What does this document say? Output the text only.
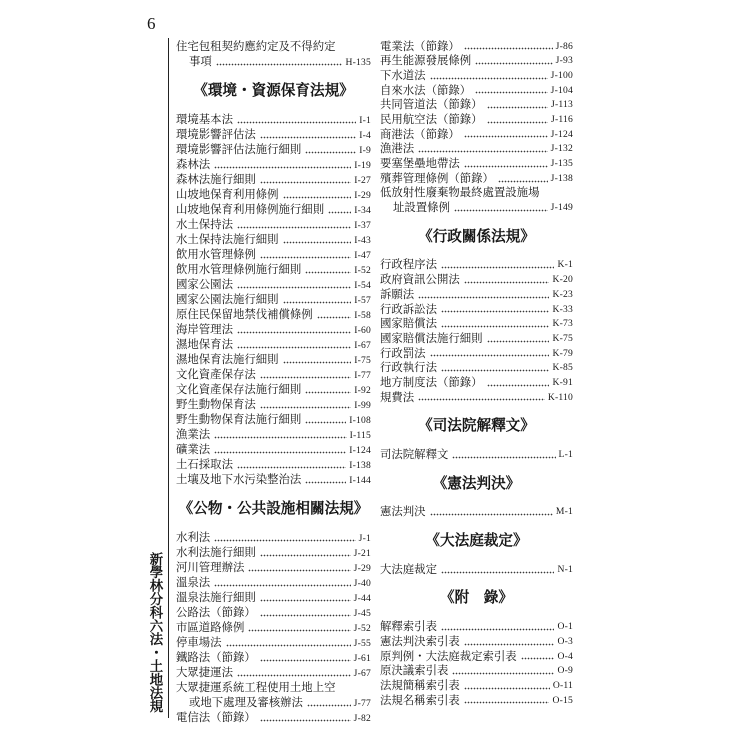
6
新學林分科六法・土地法規
住宅包租契約應約定及不得約定
事項	H-135
《環境・資源保育法規》
環境基本法	I-1
環境影響評估法	I-4
環境影響評估法施行細則	I-9
森林法	I-19
森林法施行細則	I-27
山坡地保育利用條例	I-29
山坡地保育利用條例施行細則	I-34
水土保持法	I-37
水土保持法施行細則	I-43
飲用水管理條例	I-47
飲用水管理條例施行細則	I-52
國家公園法	I-54
國家公園法施行細則	I-57
原住民保留地禁伐補償條例	I-58
海岸管理法	I-60
濕地保育法	I-67
濕地保育法施行細則	I-75
文化資產保存法	I-77
文化資產保存法施行細則	I-92
野生動物保育法	I-99
野生動物保育法施行細則	I-108
漁業法	I-115
礦業法	I-124
土石採取法	I-138
土壤及地下水污染整治法	I-144
《公物・公共設施相關法規》
水利法	J-1
水利法施行細則	J-21
河川管理辦法	J-29
溫泉法	J-40
溫泉法施行細則	J-44
公路法（節錄）	J-45
市區道路條例	J-52
停車場法	J-55
鐵路法（節錄）	J-61
大眾捷運法	J-67
大眾捷運系統工程使用土地上空
或地下處理及審核辦法	J-77
電信法（節錄）	J-82
電業法（節錄）	J-86
再生能源發展條例	J-93
下水道法	J-100
自來水法（節錄）	J-104
共同管道法（節錄）	J-113
民用航空法（節錄）	J-116
商港法（節錄）	J-124
漁港法	J-132
要塞堡壘地帶法	J-135
殯葬管理條例（節錄）	J-138
低放射性廢棄物最終處置設施場
址設置條例	J-149
《行政關係法規》
行政程序法	K-1
政府資訊公開法	K-20
訴願法	K-23
行政訴訟法	K-33
國家賠償法	K-73
國家賠償法施行細則	K-75
行政罰法	K-79
行政執行法	K-85
地方制度法（節錄）	K-91
規費法	K-110
《司法院解釋文》
司法院解釋文	L-1
《憲法判決》
憲法判決	M-1
《大法庭裁定》
大法庭裁定	N-1
《附　錄》
解釋索引表	O-1
憲法判決索引表	O-3
原判例・大法庭裁定索引表	O-4
原決議索引表	O-9
法規簡稱索引表	O-11
法規名稱索引表	O-15
